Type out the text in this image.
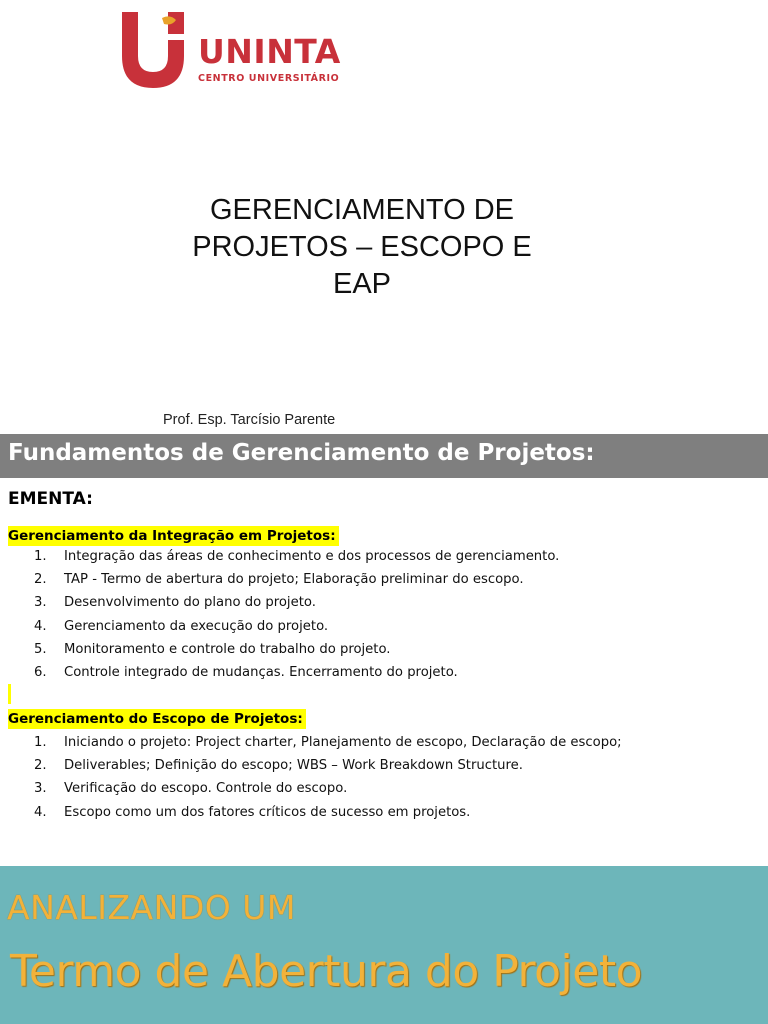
UNINTA
CENTRO UNIVERSITÁRIO
GERENCIAMENTO DE
PROJETOS – ESCOPO E
EAP
Prof. Esp. Tarcísio Parente
Fundamentos de Gerenciamento de Projetos:
EMENTA:
Gerenciamento da Integração em Projetos:
1. Integração das áreas de conhecimento e dos processos de gerenciamento.
2. TAP - Termo de abertura do projeto; Elaboração preliminar do escopo.
3. Desenvolvimento do plano do projeto.
4. Gerenciamento da execução do projeto.
5. Monitoramento e controle do trabalho do projeto.
6. Controle integrado de mudanças. Encerramento do projeto.
Gerenciamento do Escopo de Projetos:
1. Iniciando o projeto: Project charter, Planejamento de escopo, Declaração de escopo;
2. Deliverables; Definição do escopo; WBS – Work Breakdown Structure.
3. Verificação do escopo. Controle do escopo.
4. Escopo como um dos fatores críticos de sucesso em projetos.
ANALIZANDO UM
Termo de Abertura do Projeto
